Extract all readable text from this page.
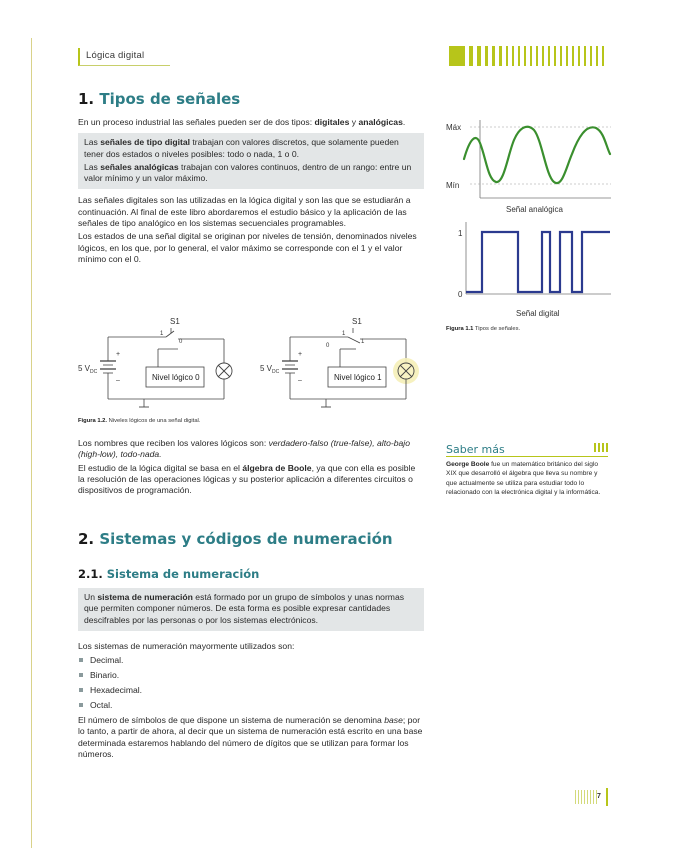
Lógica digital
1. Tipos de señales

En un proceso industrial las señales pueden ser de dos tipos: digitales y analógicas.

Las señales de tipo digital trabajan con valores discretos, que solamente pueden tener dos estados o niveles posibles: todo o nada, 1 o 0.

Las señales analógicas trabajan con valores continuos, dentro de un rango: entre un valor mínimo y un valor máximo.

Las señales digitales son las utilizadas en la lógica digital y son las que se estudiarán a continuación. Al final de este libro abordaremos el estudio básico y la aplicación de las señales de tipo analógico en los sistemas secuenciales programables.

Los estados de una señal digital se originan por niveles de tensión, denominados niveles lógicos, en los que, por lo general, el valor máximo se corresponde con el 1 y el valor mínimo con el 0.

Máx
Mín
Señal analógica
1
0
Señal digital
Figura 1.1 Tipos de señales.
S1
1
0
Nivel lógico 0
+
–
5 $V_{DC}$
S1
1
1
0
Nivel lógico 1
+
–
5 $V_{DC}$
Figura 1.2. Niveles lógicos de una señal digital.

Los nombres que reciben los valores lógicos son: verdadero-falso (true-false), alto-bajo (high-low), todo-nada.

El estudio de la lógica digital se basa en el álgebra de Boole, ya que con ella es posible la resolución de las operaciones lógicas y su posterior aplicación a diferentes circuitos o dispositivos de programación.

Saber más
George Boole fue un matemático británico del siglo XIX que desarrolló el álgebra que lleva su nombre y que actualmente se utiliza para estudiar todo lo relacionado con la electrónica digital y la informática.
2. Sistemas y códigos de numeración
2.1. Sistema de numeración

Un sistema de numeración está formado por un grupo de símbolos y unas normas que permiten componer números. De esta forma es posible expresar cantidades descifrables por las personas o por los sistemas electrónicos.

Los sistemas de numeración mayormente utilizados son:

Decimal.
Binario.
Hexadecimal.
Octal.

El número de símbolos de que dispone un sistema de numeración se denomina base; por lo tanto, a partir de ahora, al decir que un sistema de numeración está escrito en una base determinada estaremos hablando del número de dígitos que se utilizan para formar los números.

7
